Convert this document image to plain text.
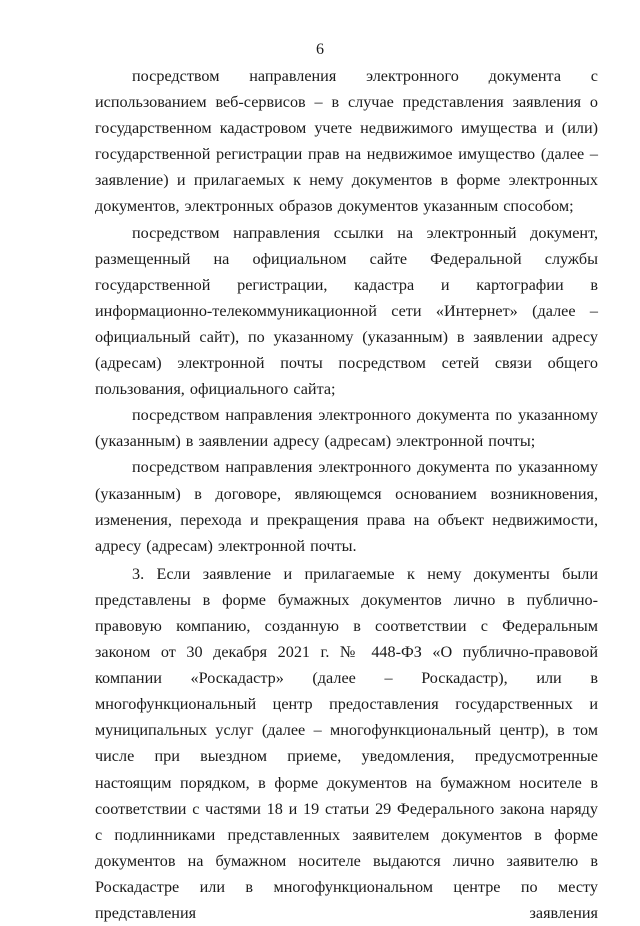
6

посредством направления электронного документа с использованием веб-сервисов – в случае представления заявления о государственном кадастровом учете недвижимого имущества и (или) государственной регистрации прав на недвижимое имущество (далее – заявление) и прилагаемых к нему документов в форме электронных документов, электронных образов документов указанным способом;

посредством направления ссылки на электронный документ, размещенный на официальном сайте Федеральной службы государственной регистрации, кадастра и картографии в информационно-телекоммуникационной сети «Интернет» (далее – официальный сайт), по указанному (указанным) в заявлении адресу (адресам) электронной почты посредством сетей связи общего пользования, официального сайта;

посредством направления электронного документа по указанному (указанным) в заявлении адресу (адресам) электронной почты;

посредством направления электронного документа по указанному (указанным) в договоре, являющемся основанием возникновения, изменения, перехода и прекращения права на объект недвижимости, адресу (адресам) электронной почты.

3. Если заявление и прилагаемые к нему документы были представлены в форме бумажных документов лично в публично-правовую компанию, созданную в соответствии с Федеральным законом от 30 декабря 2021 г. № 448-ФЗ «О публично-правовой компании «Роскадастр» (далее – Роскадастр), или в многофункциональный центр предоставления государственных и муниципальных услуг (далее – многофункциональный центр), в том числе при выездном приеме, уведомления, предусмотренные настоящим порядком, в форме документов на бумажном носителе в соответствии с частями 18 и 19 статьи 29 Федерального закона наряду с подлинниками представленных заявителем документов в форме документов на бумажном носителе выдаются лично заявителю в Роскадастре или в многофункциональном центре по месту представления заявления
